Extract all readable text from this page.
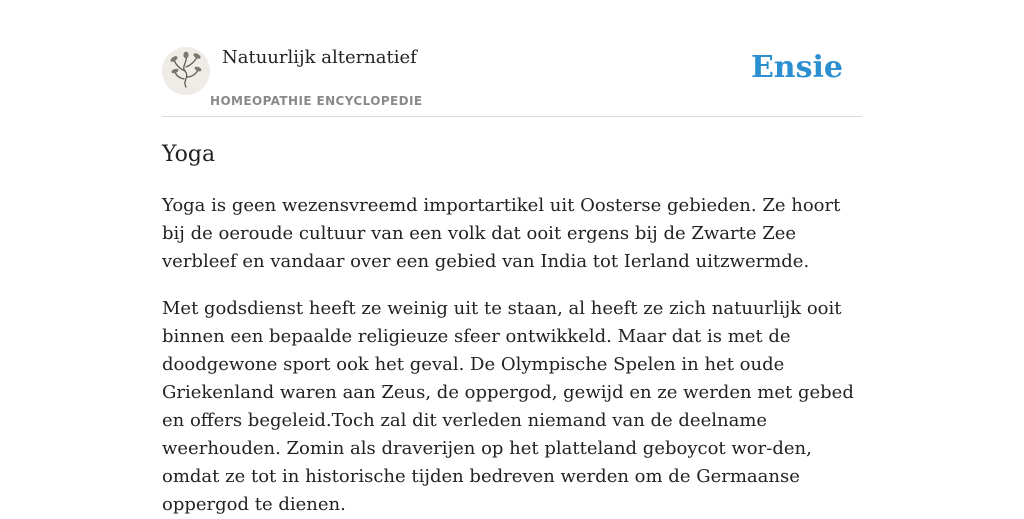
Natuurlijk alternatief
HOMEOPATHIE ENCYCLOPEDIE
Ensie
Yoga

Yoga is geen wezensvreemd importartikel uit Oosterse gebieden. Ze hoort bij de oeroude cultuur van een volk dat ooit ergens bij de Zwarte Zee verbleef en vandaar over een gebied van India tot Ierland uitzwermde.

Met godsdienst heeft ze weinig uit te staan, al heeft ze zich natuurlijk ooit binnen een bepaalde religieuze sfeer ontwikkeld. Maar dat is met de doodgewone sport ook het geval. De Olympische Spelen in het oude Griekenland waren aan Zeus, de oppergod, gewijd en ze werden met gebed en offers begeleid.Toch zal dit verleden niemand van de deelname weerhouden. Zomin als draverijen op het platteland geboycot wor-den, omdat ze tot in historische tijden bedreven werden om de Germaanse oppergod te dienen.
